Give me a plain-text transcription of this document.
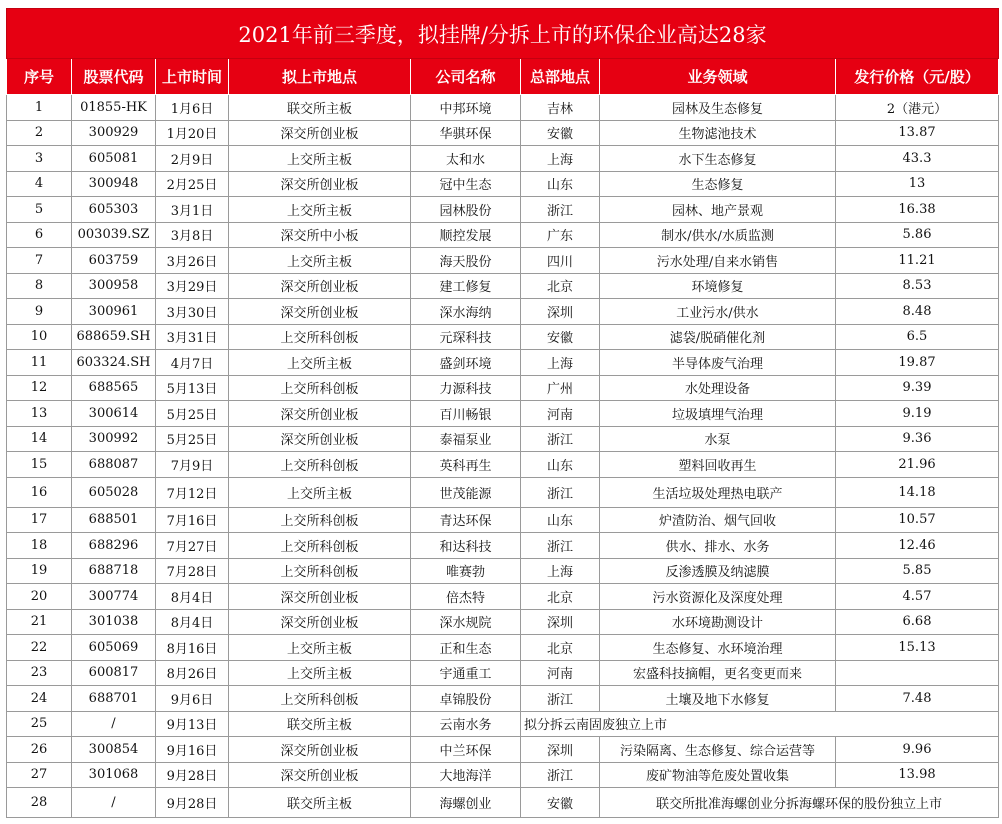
2021年前三季度，拟挂牌/分拆上市的环保企业高达28家							
序号	股票代码	上市时间	拟上市地点	公司名称	总部地点	业务领域	发行价格（元/股）
1	01855-HK	1月6日	联交所主板	中邦环境	吉林	园林及生态修复	2（港元）
2	300929	1月20日	深交所创业板	华骐环保	安徽	生物滤池技术	13.87
3	605081	2月9日	上交所主板	太和水	上海	水下生态修复	43.3
4	300948	2月25日	深交所创业板	冠中生态	山东	生态修复	13
5	605303	3月1日	上交所主板	园林股份	浙江	园林、地产景观	16.38
6	003039.SZ	3月8日	深交所中小板	顺控发展	广东	制水/供水/水质监测	5.86
7	603759	3月26日	上交所主板	海天股份	四川	污水处理/自来水销售	11.21
8	300958	3月29日	深交所创业板	建工修复	北京	环境修复	8.53
9	300961	3月30日	深交所创业板	深水海纳	深圳	工业污水/供水	8.48
10	688659.SH	3月31日	上交所科创板	元琛科技	安徽	滤袋/脱硝催化剂	6.5
11	603324.SH	4月7日	上交所主板	盛剑环境	上海	半导体废气治理	19.87
12	688565	5月13日	上交所科创板	力源科技	广州	水处理设备	9.39
13	300614	5月25日	深交所创业板	百川畅银	河南	垃圾填埋气治理	9.19
14	300992	5月25日	深交所创业板	泰福泵业	浙江	水泵	9.36
15	688087	7月9日	上交所科创板	英科再生	山东	塑料回收再生	21.96
16	605028	7月12日	上交所主板	世茂能源	浙江	生活垃圾处理热电联产	14.18
17	688501	7月16日	上交所科创板	青达环保	山东	炉渣防治、烟气回收	10.57
18	688296	7月27日	上交所科创板	和达科技	浙江	供水、排水、水务	12.46
19	688718	7月28日	上交所科创板	唯赛勃	上海	反渗透膜及纳滤膜	5.85
20	300774	8月4日	深交所创业板	倍杰特	北京	污水资源化及深度处理	4.57
21	301038	8月4日	深交所创业板	深水规院	深圳	水环境勘测设计	6.68
22	605069	8月16日	上交所主板	正和生态	北京	生态修复、水环境治理	15.13
23	600817	8月26日	上交所主板	宇通重工	河南	宏盛科技摘帽，更名变更而来	
24	688701	9月6日	上交所科创板	卓锦股份	浙江	土壤及地下水修复	7.48
25	/	9月13日	联交所主板	云南水务	拟分拆云南固废独立上市		
26	300854	9月16日	深交所创业板	中兰环保	深圳	污染隔离、生态修复、综合运营等	9.96
27	301068	9月28日	深交所创业板	大地海洋	浙江	废矿物油等危废处置收集	13.98
28	/	9月28日	联交所主板	海螺创业	安徽	联交所批准海螺创业分拆海螺环保的股份独立上市	
